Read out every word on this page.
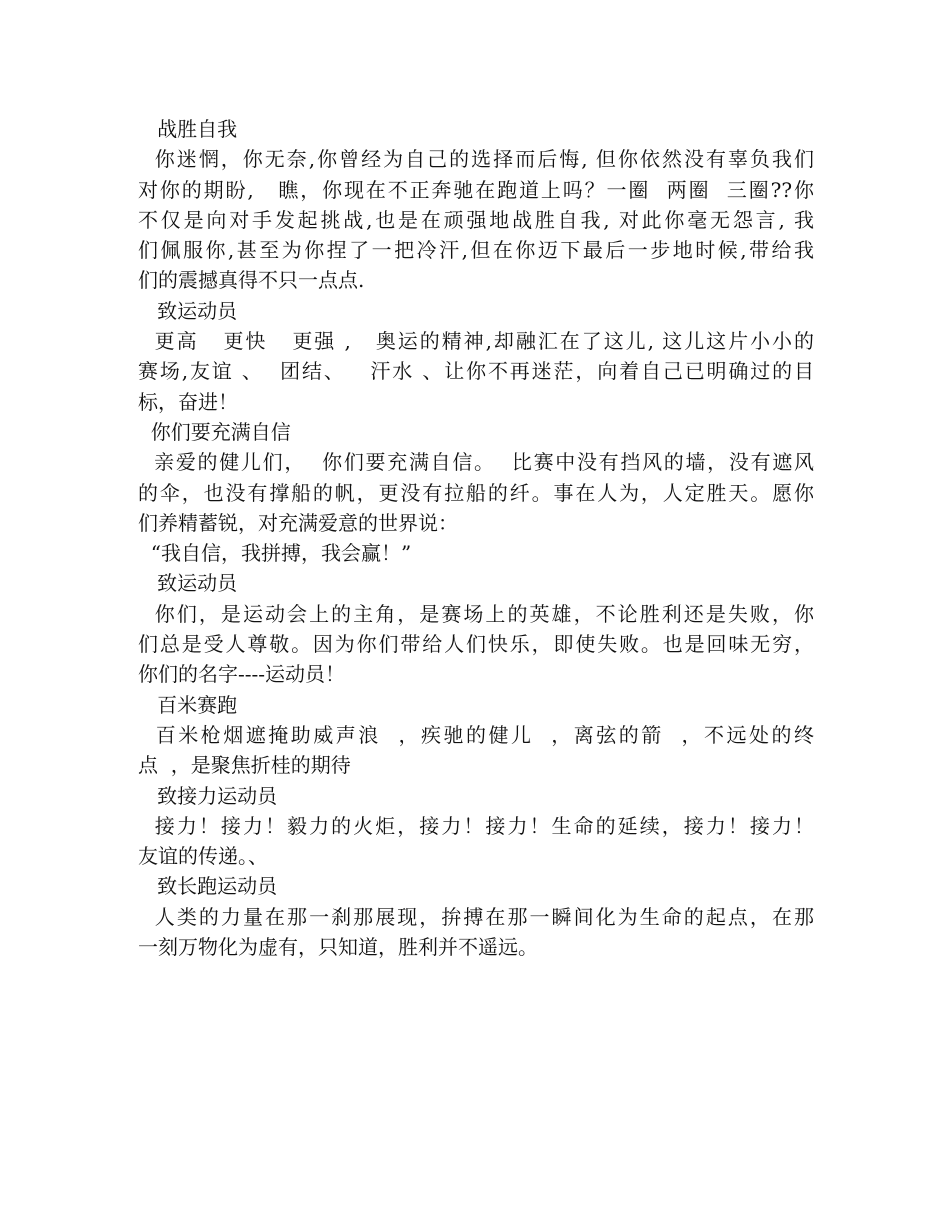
战胜自我
你迷惘，你无奈,你曾经为自己的选择而后悔, 但你依然没有辜负我们
对你的期盼,   瞧，你现在不正奔驰在跑道上吗？一圈  两圈  三圈??你
不仅是向对手发起挑战,也是在顽强地战胜自我, 对此你毫无怨言, 我
们佩服你,甚至为你捏了一把冷汗,但在你迈下最后一步地时候,带给我
们的震撼真得不只一点点.
致运动员
更高   更快   更强 ,   奥运的精神,却融汇在了这儿, 这儿这片小小的
赛场,友谊 、  团结、   汗水 、让你不再迷茫，向着自己已明确过的目
标，奋进！
你们要充满自信
亲爱的健儿们，  你们要充满自信。  比赛中没有挡风的墙，没有遮风
的伞，也没有撑船的帆，更没有拉船的纤。事在人为，人定胜天。愿你
们养精蓄锐，对充满爱意的世界说：
“我自信，我拼搏，我会赢！”
致运动员
你们，是运动会上的主角，是赛场上的英雄，不论胜利还是失败，你
们总是受人尊敬。因为你们带给人们快乐，即使失败。也是回味无穷，
你们的名字----运动员！
百米赛跑
百米枪烟遮掩助威声浪  ，疾驰的健儿  ，离弦的箭  ，不远处的终
点  ，是聚焦折桂的期待
致接力运动员
接力！接力！毅力的火炬，接力！接力！生命的延续，接力！接力！
友谊的传递。、
致长跑运动员
人类的力量在那一刹那展现，拚搏在那一瞬间化为生命的起点，在那
一刻万物化为虚有，只知道，胜利并不遥远。
